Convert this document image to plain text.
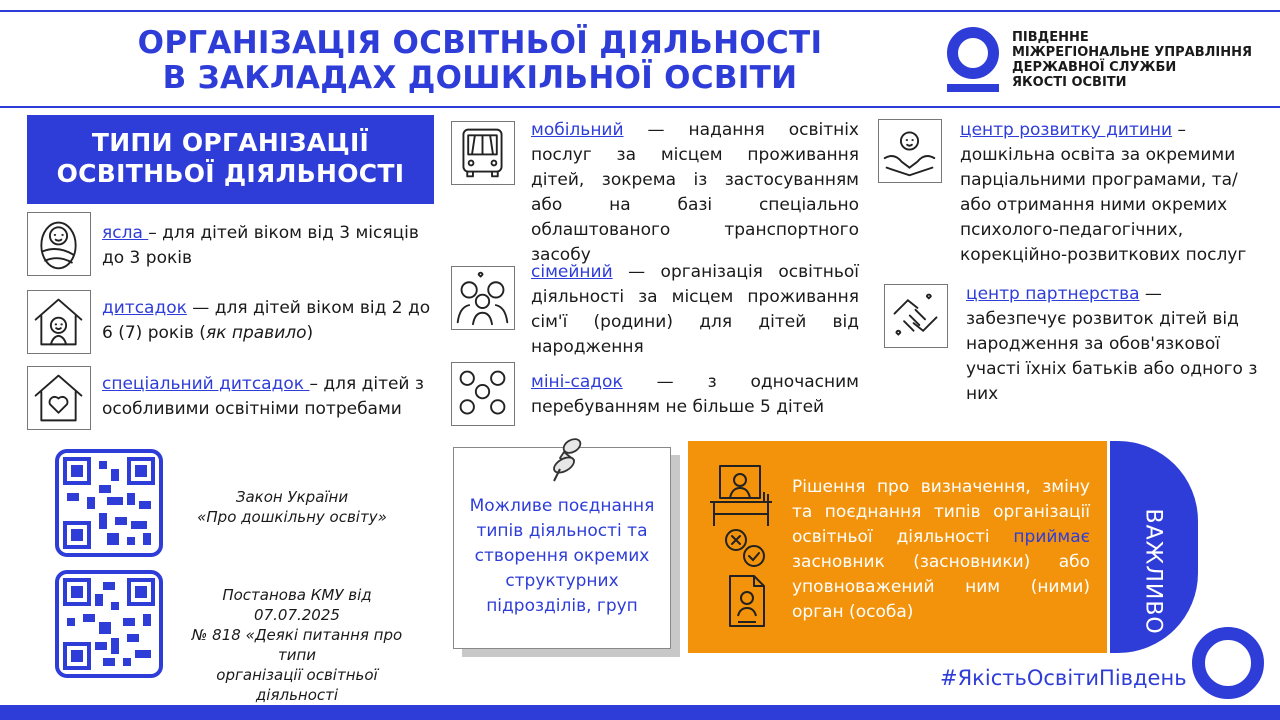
ОРГАНІЗАЦІЯ ОСВІТНЬОЇ ДІЯЛЬНОСТІ
В ЗАКЛАДАХ ДОШКІЛЬНОЇ ОСВІТИ
ПІВДЕННЕ
МІЖРЕГІОНАЛЬНЕ УПРАВЛІННЯ
ДЕРЖАВНОЇ СЛУЖБИ
ЯКОСТІ ОСВІТИ
ТИПИ ОРГАНІЗАЦІЇ
ОСВІТНЬОЇ ДІЯЛЬНОСТІ
ясла – для дітей віком від 3 місяців до 3 років
дитсадок — для дітей віком від 2 до 6 (7) років (як правило)
спеціальний дитсадок – для дітей з особливими освітніми потребами
мобільний — надання освітніх послуг за місцем проживання дітей, зокрема із застосуванням або на базі спеціально облаштованого транспортного засобу
сімейний — організація освітньої діяльності за місцем проживання сім'ї (родини) для дітей від народження
міні-садок — з одночасним перебуванням не більше 5 дітей
центр розвитку дитини – дошкільна освіта за окремими парціальними програмами, та/або отримання ними окремих психолого-педагогічних, корекційно-розвиткових послуг
центр партнерства — забезпечує розвиток дітей від народження за обов'язкової участі їхніх батьків або одного з них
Закон України
«Про дошкільну освіту»
Постанова КМУ від 07.07.2025
№ 818 «Деякі питання про типи
організації освітньої діяльності
Можливе поєднання типів діяльності та створення окремих структурних підрозділів, груп
Рішення про визначення, зміну та поєднання типів організації освітньої діяльності приймає засновник (засновники) або уповноважений ним (ними) орган (особа)	ВАЖЛИВО
#ЯкістьОсвітиПівдень
